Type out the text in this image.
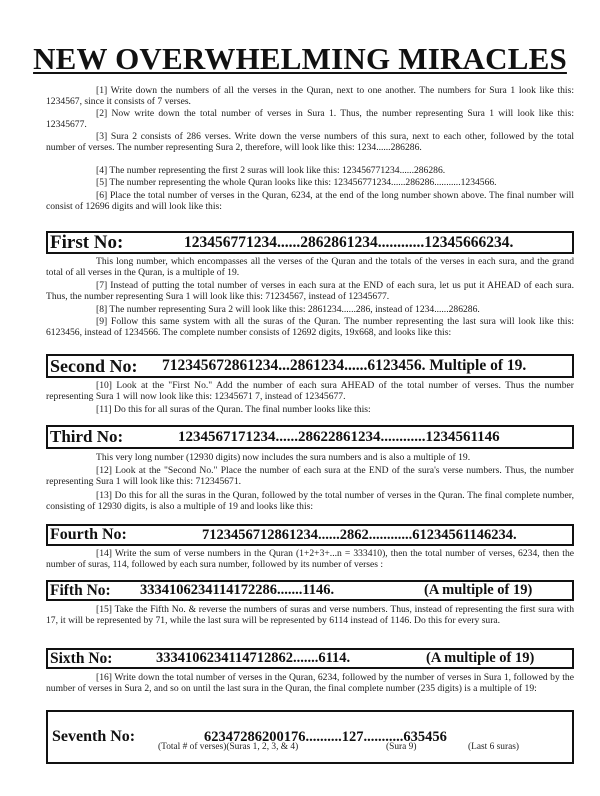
NEW OVERWHELMING MIRACLES
[1] Write down the numbers of all the verses in the Quran, next to one another. The numbers for Sura 1 look like this: 1234567, since it consists of 7 verses.
[2] Now write down the total number of verses in Sura 1. Thus, the number representing Sura 1 will look like this: 12345677.
[3] Sura 2 consists of 286 verses. Write down the verse numbers of this sura, next to each other, followed by the total number of verses. The number representing Sura 2, therefore, will look like this: 1234......286286.
[4] The number representing the first 2 suras will look like this: 123456771234......286286.
[5] The number representing the whole Quran looks like this: 123456771234......286286...........1234566.
[6] Place the total number of verses in the Quran, 6234, at the end of the long number shown above. The final number will consist of 12696 digits and will look like this:
First No:	123456771234......2862861234............12345666234.
This long number, which encompasses all the verses of the Quran and the totals of the verses in each sura, and the grand total of all verses in the Quran, is a multiple of 19.
[7] Instead of putting the total number of verses in each sura at the END of each sura, let us put it AHEAD of each sura. Thus, the number representing Sura 1 will look like this: 71234567, instead of 12345677.
[8] The number representing Sura 2 will look like this: 2861234......286, instead of 1234......286286.
[9] Follow this same system with all the suras of the Quran. The number representing the last sura will look like this: 6123456, instead of 1234566. The complete number consists of 12692 digits, 19x668, and looks like this:
Second No:	712345672861234...2861234......6123456. Multiple of 19.
[10] Look at the "First No." Add the number of each sura AHEAD of the total number of verses. Thus the number representing Sura 1 will now look like this: 12345671 7, instead of 12345677.
[11] Do this for all suras of the Quran. The final number looks like this:
Third No:	1234567171234......28622861234............1234561146
This very long number (12930 digits) now includes the sura numbers and is also a multiple of 19.
[12] Look at the "Second No." Place the number of each sura at the END of the sura's verse numbers. Thus, the number representing Sura 1 will look like this: 712345671.
[13] Do this for all the suras in the Quran, followed by the total number of verses in the Quran. The final complete number, consisting of 12930 digits, is also a multiple of 19 and looks like this:
Fourth No:	7123456712861234......2862............61234561146234.
[14] Write the sum of verse numbers in the Quran (1+2+3+...n = 333410), then the total number of verses, 6234, then the number of suras, 114, followed by each sura number, followed by its number of verses :
Fifth No:	3334106234114172286.......1146.	(A multiple of 19)
[15] Take the Fifth No. & reverse the numbers of suras and verse numbers. Thus, instead of representing the first sura with 17, it will be represented by 71, while the last sura will be represented by 6114 instead of 1146. Do this for every sura.
Sixth No:	3334106234114712862.......6114.	(A multiple of 19)
[16] Write down the total number of verses in the Quran, 6234, followed by the number of verses in Sura 1, followed by the number of verses in Sura 2, and so on until the last sura in the Quran, the final complete number (235 digits) is a multiple of 19:
Seventh No:	62347286200176..........127...........635456
(Total # of verses)(Suras 1, 2, 3, & 4)	(Sura 9)	(Last 6 suras)
